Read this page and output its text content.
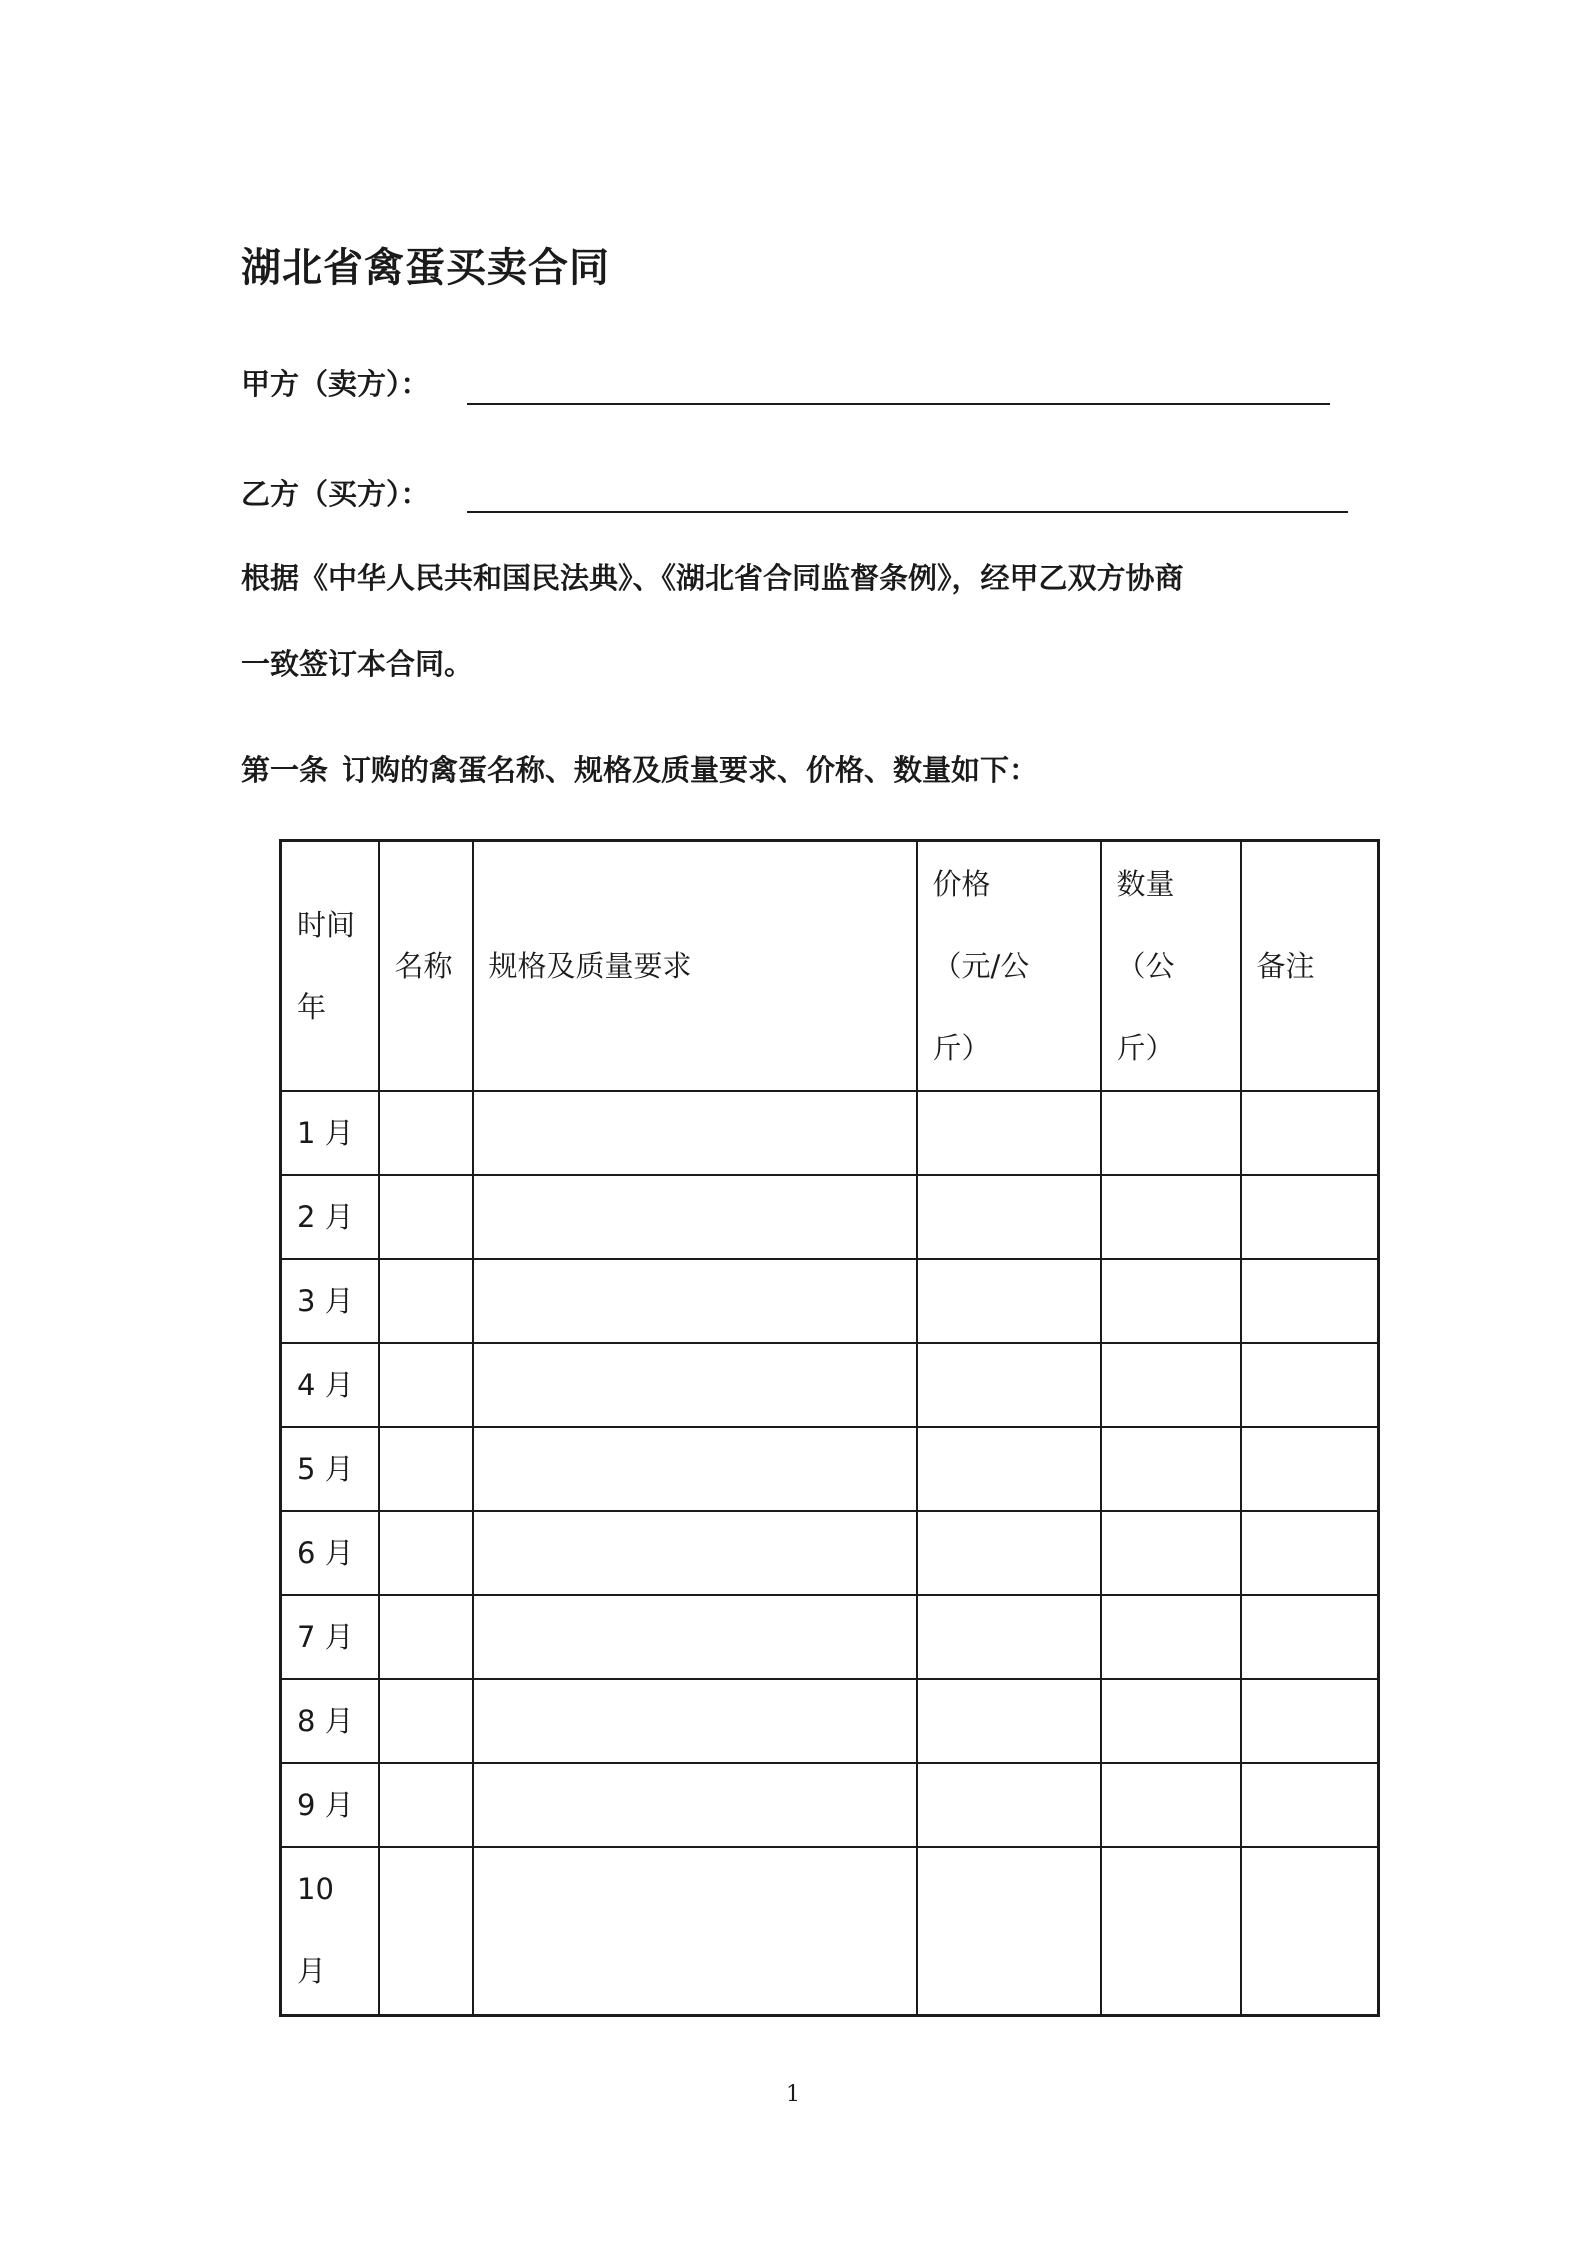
湖北省禽蛋买卖合同
甲方（卖方）：
乙方（买方）：
根据《中华人民共和国民法典》、《湖北省合同监督条例》，经甲乙双方协商
一致签订本合同。
第一条 订购的禽蛋名称、规格及质量要求、价格、数量如下：
时间
年	名称	规格及质量要求	价格
（元/公
斤）	数量
（公
斤）	备注
1 月					
2 月					
3 月					
4 月					
5 月					
6 月					
7 月					
8 月					
9 月					

10
月					

1
